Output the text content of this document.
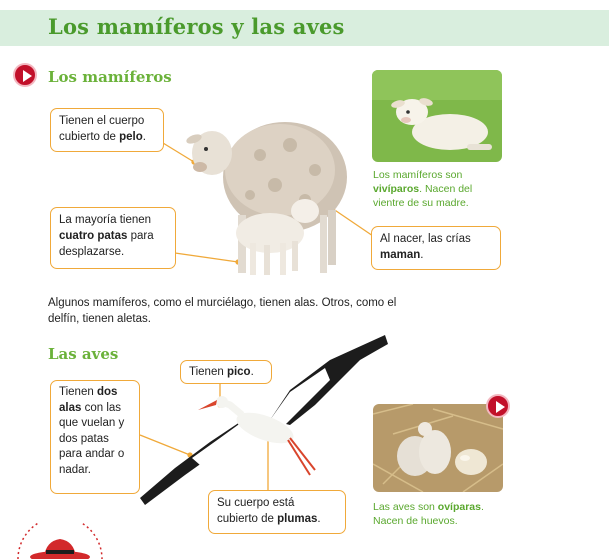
Los mamíferos y las aves
Los mamíferos
Tienen el cuerpo cubierto de pelo.
La mayoría tienen cuatro patas para desplazarse.
Al nacer, las crías maman.
Los mamíferos son vivíparos. Nacen del vientre de su madre.
Algunos mamíferos, como el murciélago, tienen alas. Otros, como el delfín, tienen aletas.
Las aves
Tienen pico.
Tienen dos alas con las que vuelan y dos patas para andar o nadar.
Su cuerpo está cubierto de plumas.
Las aves son ovíparas. Nacen de huevos.
